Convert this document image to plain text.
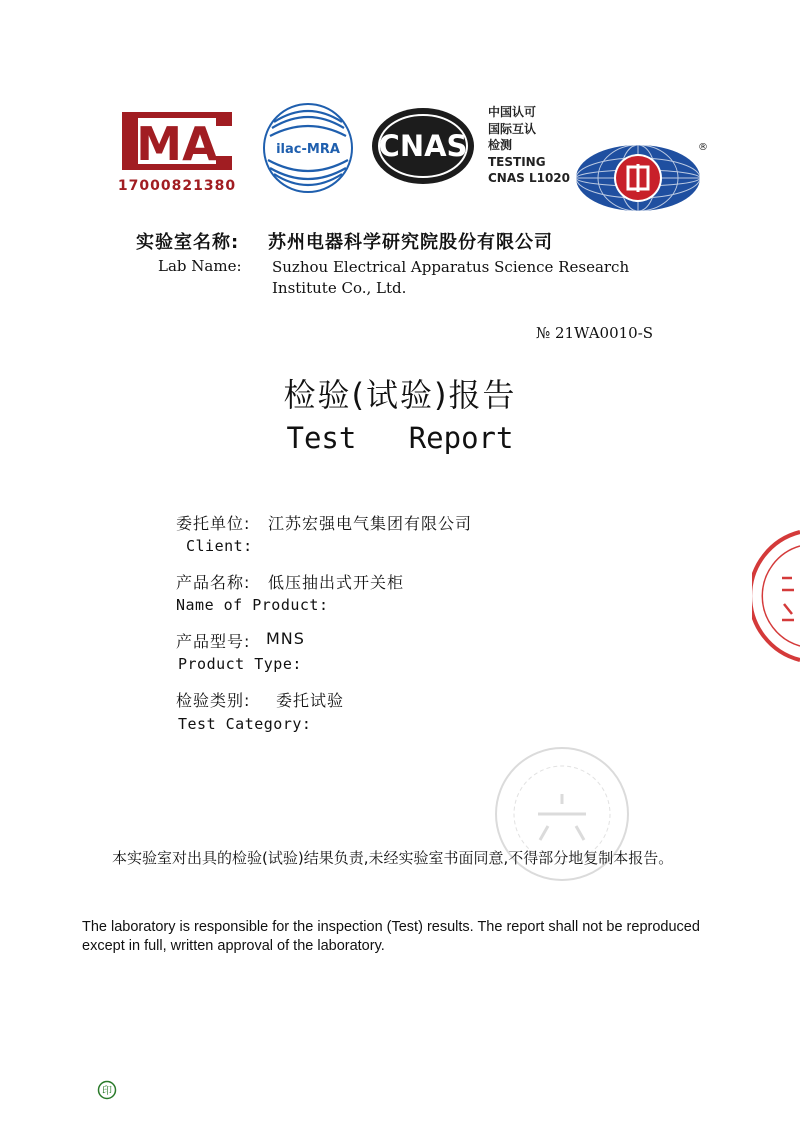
MA
17000821380
ilac-MRA CNAS
中国认可
国际互认
检测
TESTING
CNAS L1020
®
实验室名称: 苏州电器科学研究院股份有限公司
Lab Name: Suzhou Electrical Apparatus Science Research Institute Co., Ltd.
№ 21WA0010-S
检验(试验)报告
Test   Report
委托单位: 江苏宏强电气集团有限公司
Client:
产品名称: 低压抽出式开关柜
Name of Product:
产品型号: MNS
Product Type:
检验类别: 委托试验
Test Category:
本实验室对出具的检验(试验)结果负责,未经实验室书面同意,不得部分地复制本报告。
The laboratory is responsible for the inspection (Test) results. The report shall not be reproduced except in full, written approval of the laboratory.
印
